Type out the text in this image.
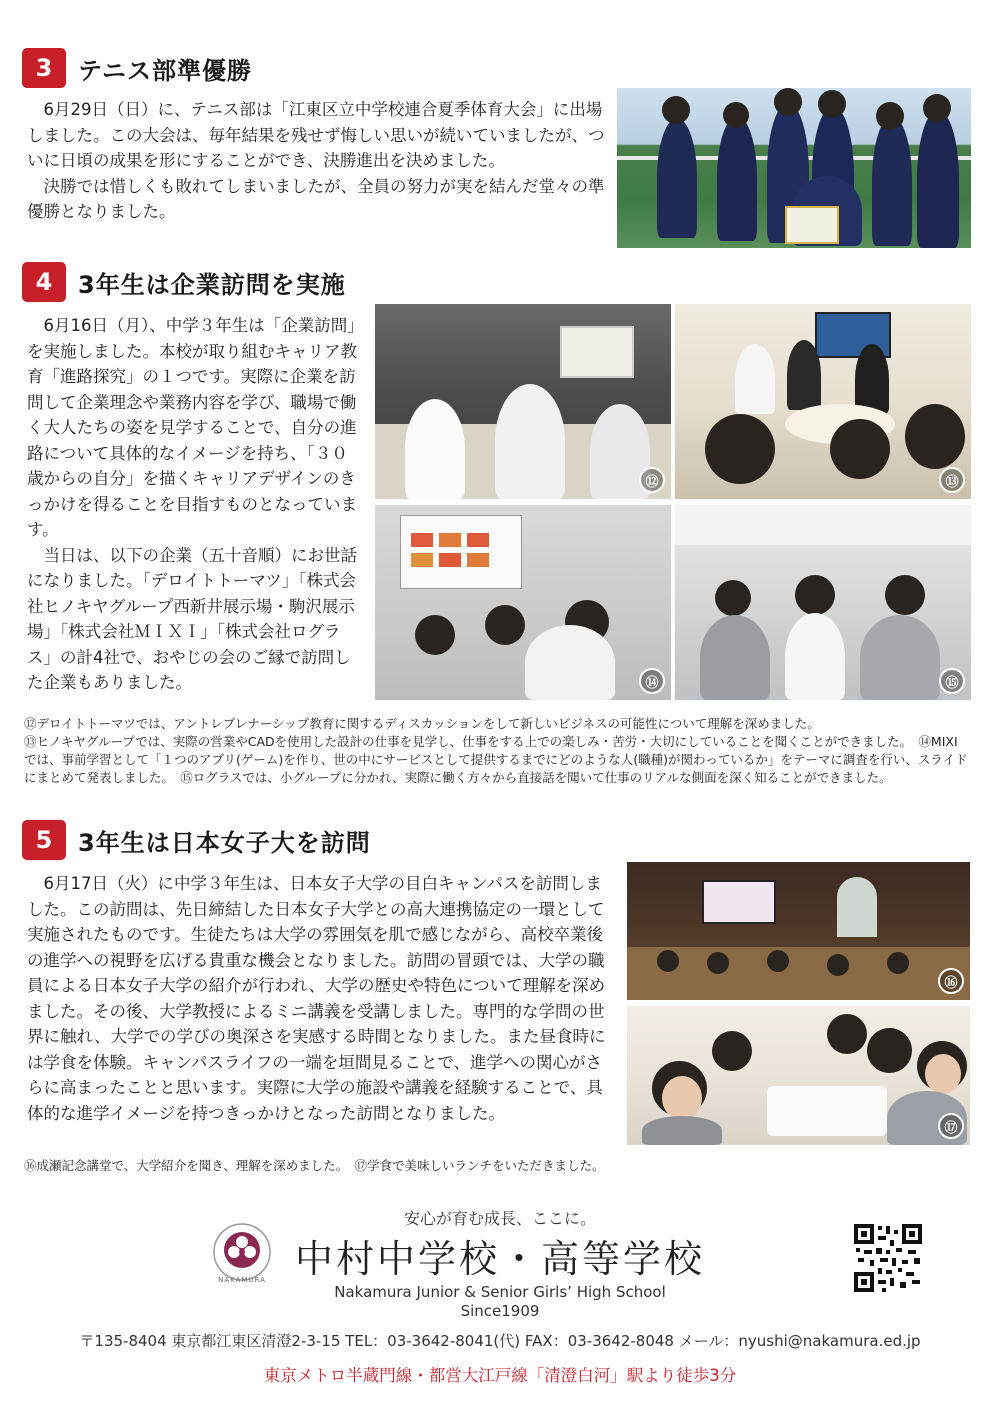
3	テニス部準優勝

6月29日（日）に、テニス部は「江東区立中学校連合夏季体育大会」に出場しました。この大会は、毎年結果を残せず悔しい思いが続いていましたが、ついに日頃の成果を形にすることができ、決勝進出を決めました。

決勝では惜しくも敗れてしまいましたが、全員の努力が実を結んだ堂々の準優勝となりました。

4	3年生は企業訪問を実施

6月16日（月）、中学３年生は「企業訪問」を実施しました。本校が取り組むキャリア教育「進路探究」の１つです。実際に企業を訪問して企業理念や業務内容を学び、職場で働く大人たちの姿を見学することで、自分の進路について具体的なイメージを持ち、「３０歳からの自分」を描くキャリアデザインのきっかけを得ることを目指すものとなっています。

当日は、以下の企業（五十音順）にお世話になりました。「デロイトトーマツ」「株式会社ヒノキヤグループ西新井展示場・駒沢展示場」「株式会社ＭＩＸＩ」「株式会社ログラス」の計4社で、おやじの会のご縁で訪問した企業もありました。

⑫	⑬
⑭	⑮

⑫デロイトトーマツでは、アントレプレナーシップ教育に関するディスカッションをして新しいビジネスの可能性について理解を深めました。

⑬ヒノキヤグループでは、実際の営業やCADを使用した設計の仕事を見学し、仕事をする上での楽しみ・苦労・大切にしていることを聞くことができました。　⑭MIXIでは、事前学習として「１つのアプリ(ゲーム)を作り、世の中にサービスとして提供するまでにどのような人(職種)が関わっているか」をテーマに調査を行い、スライドにまとめて発表しました。　⑮ログラスでは、小グループに分かれ、実際に働く方々から直接話を聞いて仕事のリアルな側面を深く知ることができました。

5	3年生は日本女子大を訪問

6月17日（火）に中学３年生は、日本女子大学の目白キャンパスを訪問しました。この訪問は、先日締結した日本女子大学との高大連携協定の一環として実施されたものです。生徒たちは大学の雰囲気を肌で感じながら、高校卒業後の進学への視野を広げる貴重な機会となりました。訪問の冒頭では、大学の職員による日本女子大学の紹介が行われ、大学の歴史や特色について理解を深めました。その後、大学教授によるミニ講義を受講しました。専門的な学問の世界に触れ、大学での学びの奥深さを実感する時間となりました。また昼食時には学食を体験。キャンパスライフの一端を垣間見ることで、進学への関心がさらに高まったことと思います。実際に大学の施設や講義を経験することで、具体的な進学イメージを持つきっかけとなった訪問となりました。

⑯
⑰

⑯成瀬記念講堂で、大学紹介を聞き、理解を深めました。　⑰学食で美味しいランチをいただきました。

安心が育む成長、ここに。
NAKAMURA 中村中学校・高等学校
Nakamura Junior & Senior Girls’ High School
Since1909
〒135-8404 東京都江東区清澄2-3-15 TEL：03-3642-8041(代) FAX：03-3642-8048 メール：nyushi@nakamura.ed.jp
東京メトロ半蔵門線・都営大江戸線「清澄白河」駅より徒歩3分
